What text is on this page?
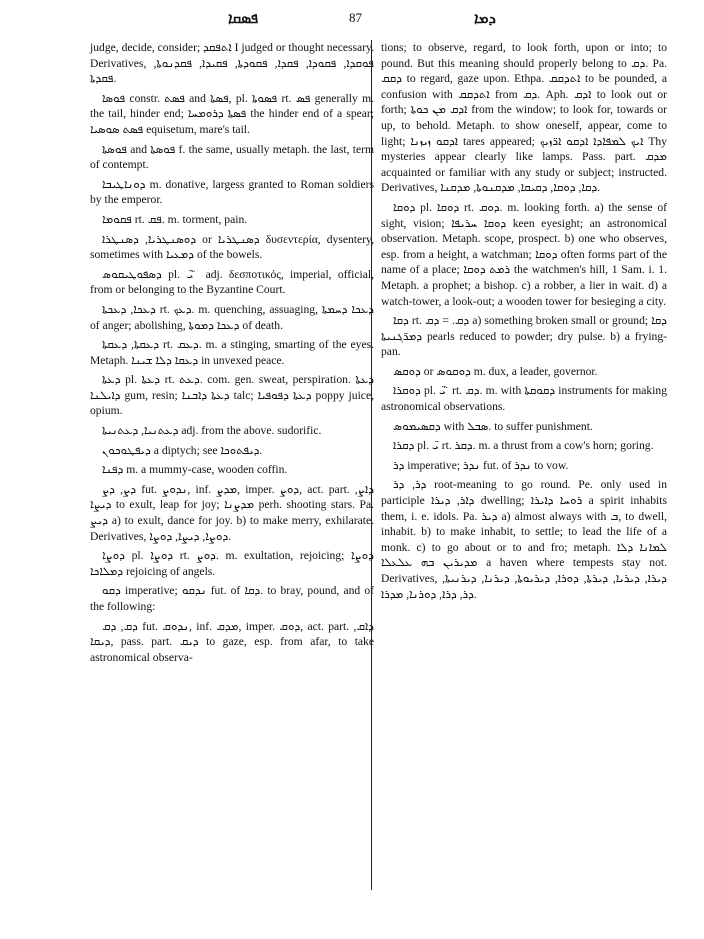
ܦܣܩܐ	87	ܕܡܐ

judge, decide, consider; ܐܬܦܩܕ I judged or thought necessary. Derivatives, ܦܘܩܕܐ, ܦܩܘܕܐ, ܦܩܕܐ, ܦܩܘܕܬܐ, ܦܩܝܕܐ, ܦܩܕܢܘܬܐ, ܦܩܕܬܐ.

ܦܘܣܐ constr. ܦܣܬ and ܦܣܬܐ, pl. ܦܣܘܬܐ rt. ܦܣ generally m. the tail, hinder end; ܦܣܬܐ ܕܪܘܡܚܐ the hinder end of a spear; ܦܣܬ ܣܘܣܝܐ equisetum, mare's tail.

ܦܘܣܬܐ and ܦܘܣܬܐ f. the same, usually metaph. the last, term of contempt.

ܕܘܢܐܛܝܒܐ m. donative, largess granted to Roman soldiers by the emperor.

ܦܩܘܡܐ rt. ܦܩ. m. torment, pain.

ܕܘܣܢܛܪܝܐ, ܕܣܢܛܪܐ or ܕܣܢܛܪܝܐ δυσεντερία, dysentery, sometimes with ܕܡܥܝܐ of the bowels.

ܕܣܦܘܛܝܩܘܣ pl. ܝ̈ ̈ adj. δεσποτικός, imperial, official, from or belonging to the Byzantine Court.

ܕܥܟܐ, ܕܥܟܬܐ rt. ܕܥܟ. m. quenching, assuaging, ܕܥܟܐ ܕܚܡܬܐ of anger; abolishing, ܕܥܟܐ ܕܡܘܬܐ of death.

ܕܥܩܬܐ, ܕܥܩܬܐ rt. ܕܥܩ. m. a stinging, smarting of the eyes. Metaph. ܕܥܩܐ ܕܠܐ ܫܝܢܐ in unvexed peace.

ܕܥܬܐ pl. ܕܥܬܐ rt. ܕܥܬ. com. gen. sweat, perspiration. ܕܥܬܐ ܕܐܝܠܢܐ gum, resin; ܕܥܬܐ ܕܐܒܢܐ talc; ܕܥܬܐ ܕܦܘܦܝܐ poppy juice, opium.

ܕܥܬܢܝܐ, ܕܥܬܢܝܬܐ adj. from the above. sudorific.

ܕܝܦܛܘܟܘܢ a diptych; see ܕܝܦܬܘܟܐ.

ܕܦܢܐ m. a mummy-case, wooden coffin.

ܕܨ, ܕܨ fut. ܢܕܘܨ, inf. ܡܕܨ, imper. ܕܘܨ, act. part. ܕܐܨ, ܕܝܨܐ to exult, leap for joy; ܡܕܨܢܐ perh. shooting stars. Pa. ܕܝܨ a) to exult, dance for joy. b) to make merry, exhilarate. Derivatives, ܕܘܨܐ, ܕܝܨܐ, ܕܘܨܐ.

ܕܘܨܐ pl. ܕܘܨܐ rt. ܕܘܨ. m. exultation, rejoicing; ܕܘܨܐ ܕܡܠܐܟܐ rejoicing of angels.

ܕܩܘ imperative; ܢܕܩܘ fut. of ܕܩܐ. to bray, pound, and of the following:

ܕܩ, ܕܩ fut. ܢܕܘܩ, inf. ܡܕܩ, imper. ܕܘܩ, act. part. ܕܐܩ, ܕܝܩܐ, pass. part. ܕܝܩ to gaze, esp. from afar, to take astronomical observa-

tions; to observe, regard, to look forth, upon or into; to pound. But this meaning should properly belong to ܕܩ. Pa. ܕܩܩ to regard, gaze upon. Ethpa. ܐܬܕܩܩ to be pounded, a confusion with ܐܬܕܩܩ from ܕܩ. Aph. ܐܕܩ to look out or forth; ܐܕܩ ܡܢ ܟܘܬܐ from the window; to look for, towards or up, to behold. Metaph. to show oneself, appear, come to light; ܐܕܩܘ ܙܝܙܢܐ tares appeared; ܐܝܟ ܠܡܦܐܕܐ ܐܕܩܘ ܐܪ̈ܙܝܟ Thy mysteries appear clearly like lamps. Pass. part. ܡܕܩ acquainted or familiar with any study or subject; instructed. Derivatives, ܕܩܐ, ܕܘܩܐ, ܕܩܝܩܐ, ܡܕܩܢܘܬܐ, ܡܕܩܢܐ.

ܕܘܩܐ pl. ܕܘܩܐ rt. ܕܘܩ. m. looking forth. a) the sense of sight, vision; ܕܘܩܐ ܚܪܝܦܐ keen eyesight; an astronomical observation. Metaph. scope, prospect. b) one who observes, esp. from a height, a watchman; ܕܘܩܐ often forms part of the name of a place; ܪܡܬ ܕܘܩܐ the watchmen's hill, 1 Sam. i. 1. Metaph. a prophet; a bishop. c) a robber, a lier in wait. d) a watch-tower, a look-out; a wooden tower for besieging a city.

ܕܩܐ rt. ܕܩ. = ܕܩ a) something broken small or ground; ܕܩܐ ܕܡܪ̈ܓܢܝܬܐ pearls reduced to powder; dry pulse. b) a frying-pan.

ܕܘܩܣ or ܕܘܩܘܣ m. dux, a leader, governor.

ܕܘܩܪܐ pl. ܝ̈ ̈ rt. ܕܩ. m. with ܕܩܘܩܬܐ instruments for making astronomical observations.

ܕܩܣܝܡܘܣ with ܣܒܠ. to suffer punishment.

ܕܩܪܐ pl. ܝ̈ rt. ܕܩܪ. m. a thrust from a cow's horn; goring.

ܕܪ imperative; ܢܕܪ fut. of ܢܕܪ to vow.

ܕܪ, ܕܪ root-meaning to go round. Pe. only used in participle ܕܐܪ, ܕܝܪܐ dwelling; ܪܘܚܐ ܕܐܝܪܐ a spirit inhabits them, i. e. idols. Pa. ܕܝܪ a) almost always with ܒ, to dwell, inhabit. b) to make inhabit, to settle; to lead the life of a monk. c) to go about or to and fro; metaph. ܠܡܐܢܐ ܕܠܐ ܡܕܝܪܝܢ ܒܗ ܥܠܥܠܐ a haven where tempests stay not. Derivatives, ܕܝܪܐ, ܕܝܪܝܐ, ܕܝܪܬܐ, ܕܘܪܐ, ܕܝܪܝܘܬܐ, ܕܝܪܢܐ, ܕܝܪܢܝܬܐ, ܕܪ, ܕܪܐ, ܕܘܪܢܐ, ܡܕܪܐ.
